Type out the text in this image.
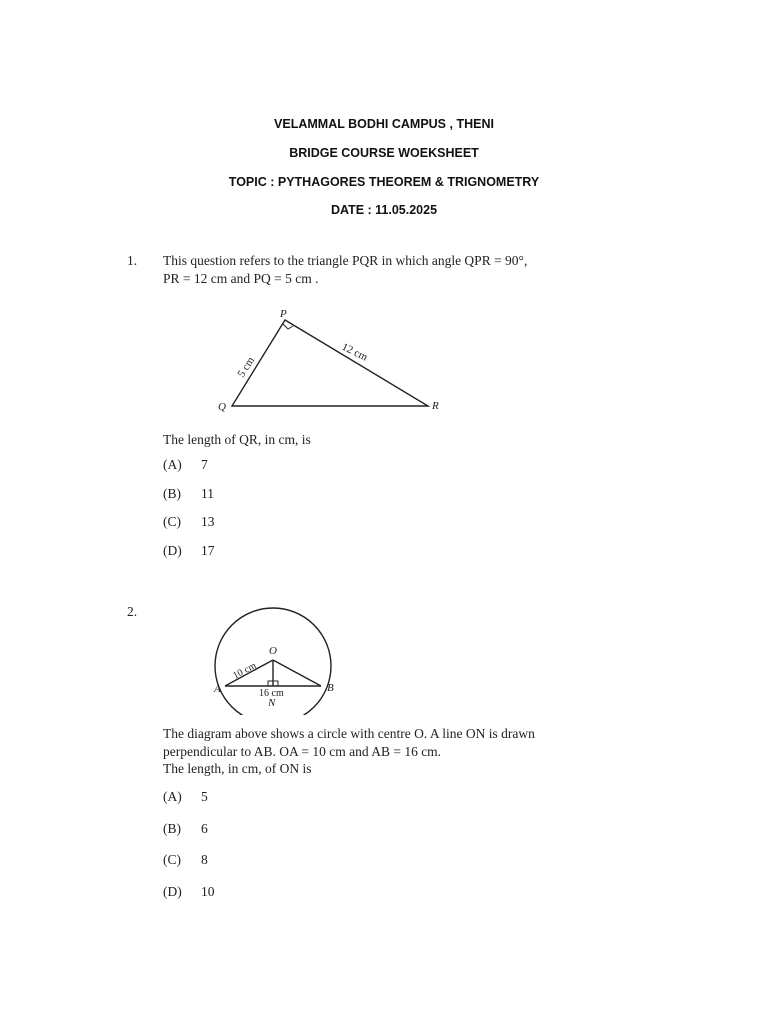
VELAMMAL BODHI CAMPUS , THENI
BRIDGE COURSE WOEKSHEET
TOPIC : PYTHAGORES THEOREM & TRIGNOMETRY
DATE : 11.05.2025
1. This question refers to the triangle PQR in which angle QPR = 90°,
PR = 12 cm and PQ = 5 cm .
P
Q	R
5 cm
12 cm
The length of QR, in cm, is
(A) 7
(B) 11
(C) 13
(D) 17
2.
O
A	B
N
10 cm
16 cm
The diagram above shows a circle with centre O. A line ON is drawn
perpendicular to AB. OA = 10 cm and AB = 16 cm.
The length, in cm, of ON is
(A) 5
(B) 6
(C) 8
(D) 10
